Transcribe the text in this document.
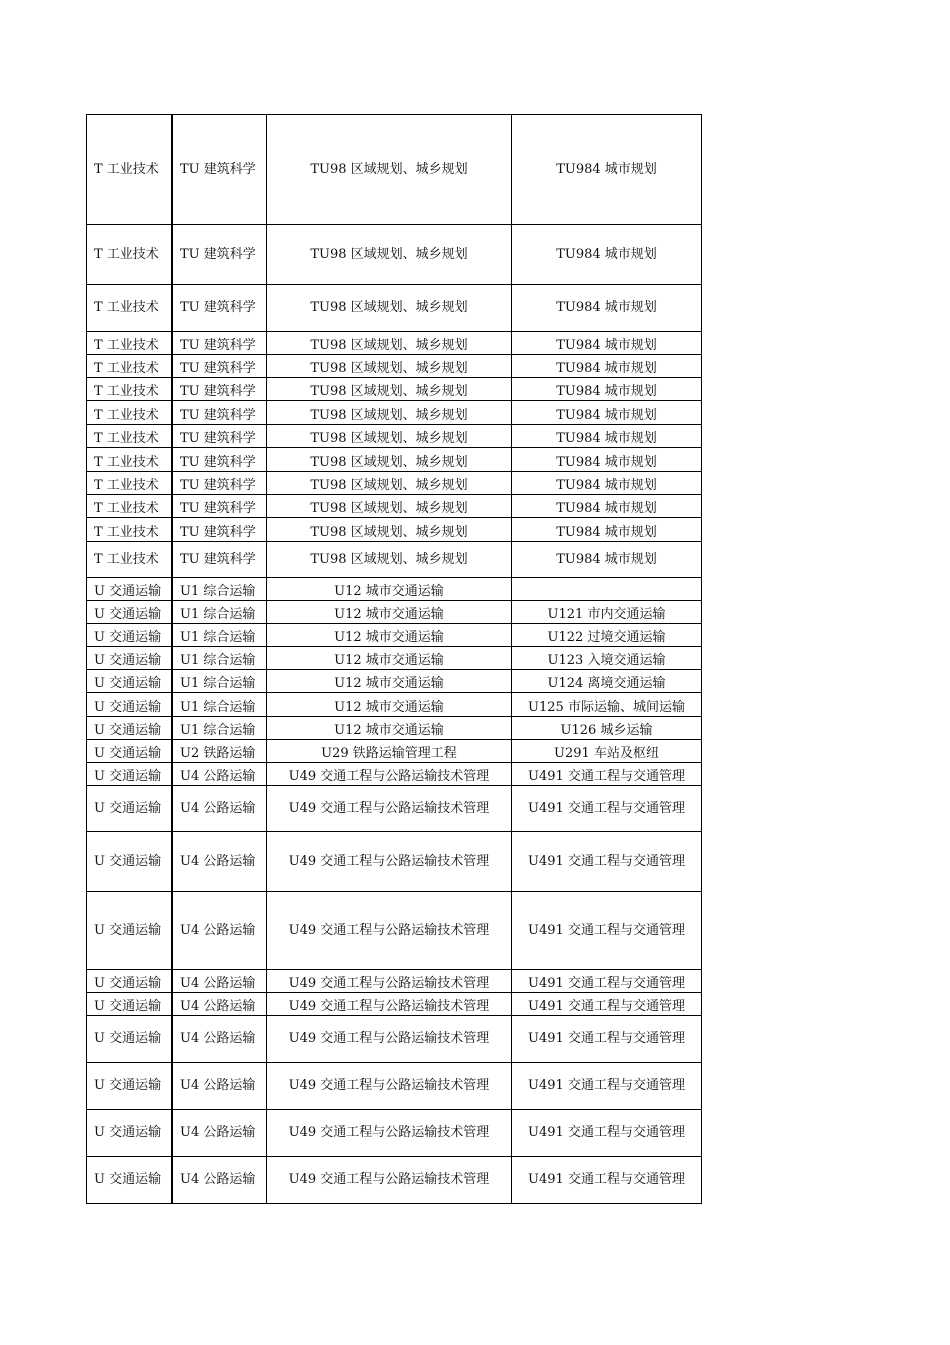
T 工业技术	TU 建筑科学	TU98 区域规划、城乡规划	TU984 城市规划
T 工业技术	TU 建筑科学	TU98 区域规划、城乡规划	TU984 城市规划
T 工业技术	TU 建筑科学	TU98 区域规划、城乡规划	TU984 城市规划
T 工业技术	TU 建筑科学	TU98 区域规划、城乡规划	TU984 城市规划
T 工业技术	TU 建筑科学	TU98 区域规划、城乡规划	TU984 城市规划
T 工业技术	TU 建筑科学	TU98 区域规划、城乡规划	TU984 城市规划
T 工业技术	TU 建筑科学	TU98 区域规划、城乡规划	TU984 城市规划
T 工业技术	TU 建筑科学	TU98 区域规划、城乡规划	TU984 城市规划
T 工业技术	TU 建筑科学	TU98 区域规划、城乡规划	TU984 城市规划
T 工业技术	TU 建筑科学	TU98 区域规划、城乡规划	TU984 城市规划
T 工业技术	TU 建筑科学	TU98 区域规划、城乡规划	TU984 城市规划
T 工业技术	TU 建筑科学	TU98 区域规划、城乡规划	TU984 城市规划
T 工业技术	TU 建筑科学	TU98 区域规划、城乡规划	TU984 城市规划
U 交通运输	U1 综合运输	U12 城市交通运输
U 交通运输	U1 综合运输	U12 城市交通运输	U121 市内交通运输
U 交通运输	U1 综合运输	U12 城市交通运输	U122 过境交通运输
U 交通运输	U1 综合运输	U12 城市交通运输	U123 入境交通运输
U 交通运输	U1 综合运输	U12 城市交通运输	U124 离境交通运输
U 交通运输	U1 综合运输	U12 城市交通运输	U125 市际运输、城间运输
U 交通运输	U1 综合运输	U12 城市交通运输	U126 城乡运输
U 交通运输	U2 铁路运输	U29 铁路运输管理工程	U291 车站及枢纽
U 交通运输	U4 公路运输	U49 交通工程与公路运输技术管理	U491 交通工程与交通管理
U 交通运输	U4 公路运输	U49 交通工程与公路运输技术管理	U491 交通工程与交通管理
U 交通运输	U4 公路运输	U49 交通工程与公路运输技术管理	U491 交通工程与交通管理
U 交通运输	U4 公路运输	U49 交通工程与公路运输技术管理	U491 交通工程与交通管理
U 交通运输	U4 公路运输	U49 交通工程与公路运输技术管理	U491 交通工程与交通管理
U 交通运输	U4 公路运输	U49 交通工程与公路运输技术管理	U491 交通工程与交通管理
U 交通运输	U4 公路运输	U49 交通工程与公路运输技术管理	U491 交通工程与交通管理
U 交通运输	U4 公路运输	U49 交通工程与公路运输技术管理	U491 交通工程与交通管理
U 交通运输	U4 公路运输	U49 交通工程与公路运输技术管理	U491 交通工程与交通管理
U 交通运输	U4 公路运输	U49 交通工程与公路运输技术管理	U491 交通工程与交通管理
